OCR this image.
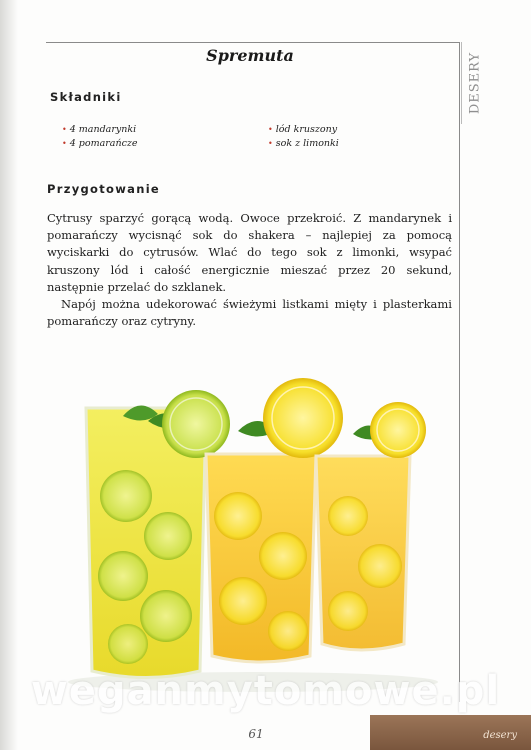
Spremuta	DESERY
Składniki
• 4 mandarynki
• 4 pomarańcze
• lód kruszony
• sok z limonki
Przygotowanie

Cytrusy sparzyć gorącą wodą. Owoce przekroić. Z mandarynek i pomarańczy wycisnąć sok do shakera – najlepiej za pomocą wyciskarki do cytrusów. Wlać do tego sok z limonki, wsypać kruszony lód i całość energicznie mieszać przez 20 sekund, następnie przelać do szklanek.

Napój można udekorować świeżymi listkami mięty i plasterkami pomarańczy oraz cytryny.

weganmytomowe.pl
61	desery
